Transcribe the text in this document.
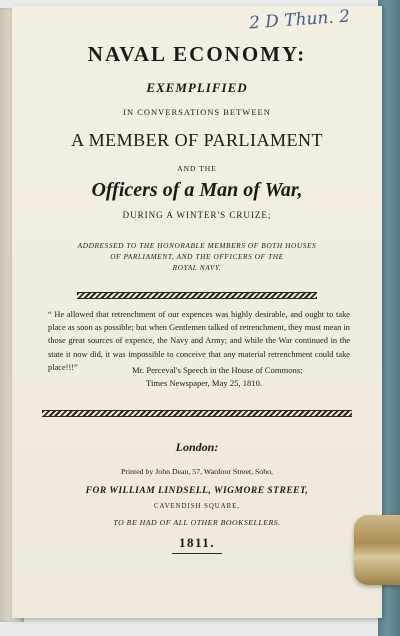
2 D Thun. 2
NAVAL ECONOMY:
EXEMPLIFIED
IN CONVERSATIONS BETWEEN
A MEMBER OF PARLIAMENT
AND THE
Officers of a Man of War,
DURING A WINTER'S CRUIZE;
ADDRESSED TO THE HONORABLE MEMBERS OF BOTH HOUSES
OF PARLIAMENT, AND THE OFFICERS OF THE
ROYAL NAVY.
“ He allowed that retrenchment of our expences was highly desirable, and ought to take place as soon as possible; but when Gentlemen talked of retrenchment, they must mean in those great sources of expence, the Navy and Army; and while the War continued in the state it now did, it was impossible to conceive that any material retrenchment could take place!!!”	Mr. Perceval's Speech in the House of Commons;
Times Newspaper, May 25, 1810.
London:
Printed by John Dean, 57, Wardour Street, Soho,
FOR WILLIAM LINDSELL, WIGMORE STREET,
CAVENDISH SQUARE,
TO BE HAD OF ALL OTHER BOOKSELLERS.
1811.
